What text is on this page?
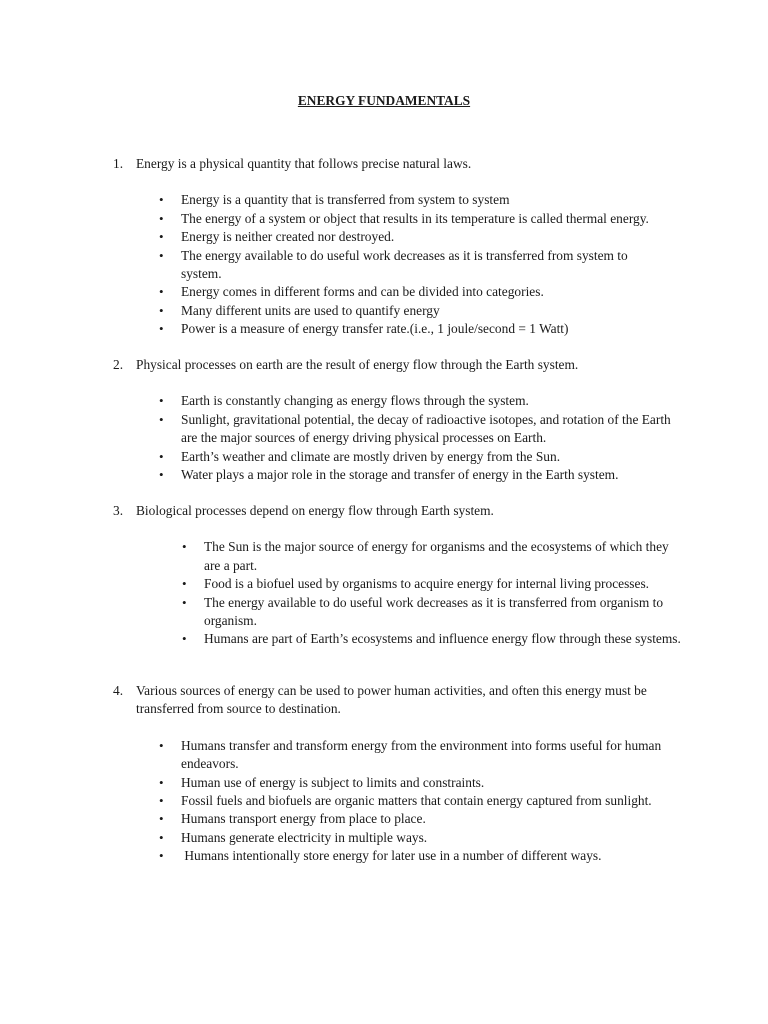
ENERGY FUNDAMENTALS

1. Energy is a physical quantity that follows precise natural laws.

• Energy is a quantity that is transferred from system to system
• The energy of a system or object that results in its temperature is called thermal energy.
• Energy is neither created nor destroyed.
• The energy available to do useful work decreases as it is transferred from system to system.
• Energy comes in different forms and can be divided into categories.
• Many different units are used to quantify energy
• Power is a measure of energy transfer rate.(i.e., 1 joule/second = 1 Watt)

2. Physical processes on earth are the result of energy flow through the Earth system.

• Earth is constantly changing as energy flows through the system.
• Sunlight, gravitational potential, the decay of radioactive isotopes, and rotation of the Earth are the major sources of energy driving physical processes on Earth.
• Earth’s weather and climate are mostly driven by energy from the Sun.
• Water plays a major role in the storage and transfer of energy in the Earth system.

3. Biological processes depend on energy flow through Earth system.

• The Sun is the major source of energy for organisms and the ecosystems of which they are a part.
• Food is a biofuel used by organisms to acquire energy for internal living processes.
• The energy available to do useful work decreases as it is transferred from organism to organism.
• Humans are part of Earth’s ecosystems and influence energy flow through these systems.

4. Various sources of energy can be used to power human activities, and often this energy must be transferred from source to destination.

• Humans transfer and transform energy from the environment into forms useful for human endeavors.
• Human use of energy is subject to limits and constraints.
• Fossil fuels and biofuels are organic matters that contain energy captured from sunlight.
• Humans transport energy from place to place.
• Humans generate electricity in multiple ways.
• Humans intentionally store energy for later use in a number of different ways.
